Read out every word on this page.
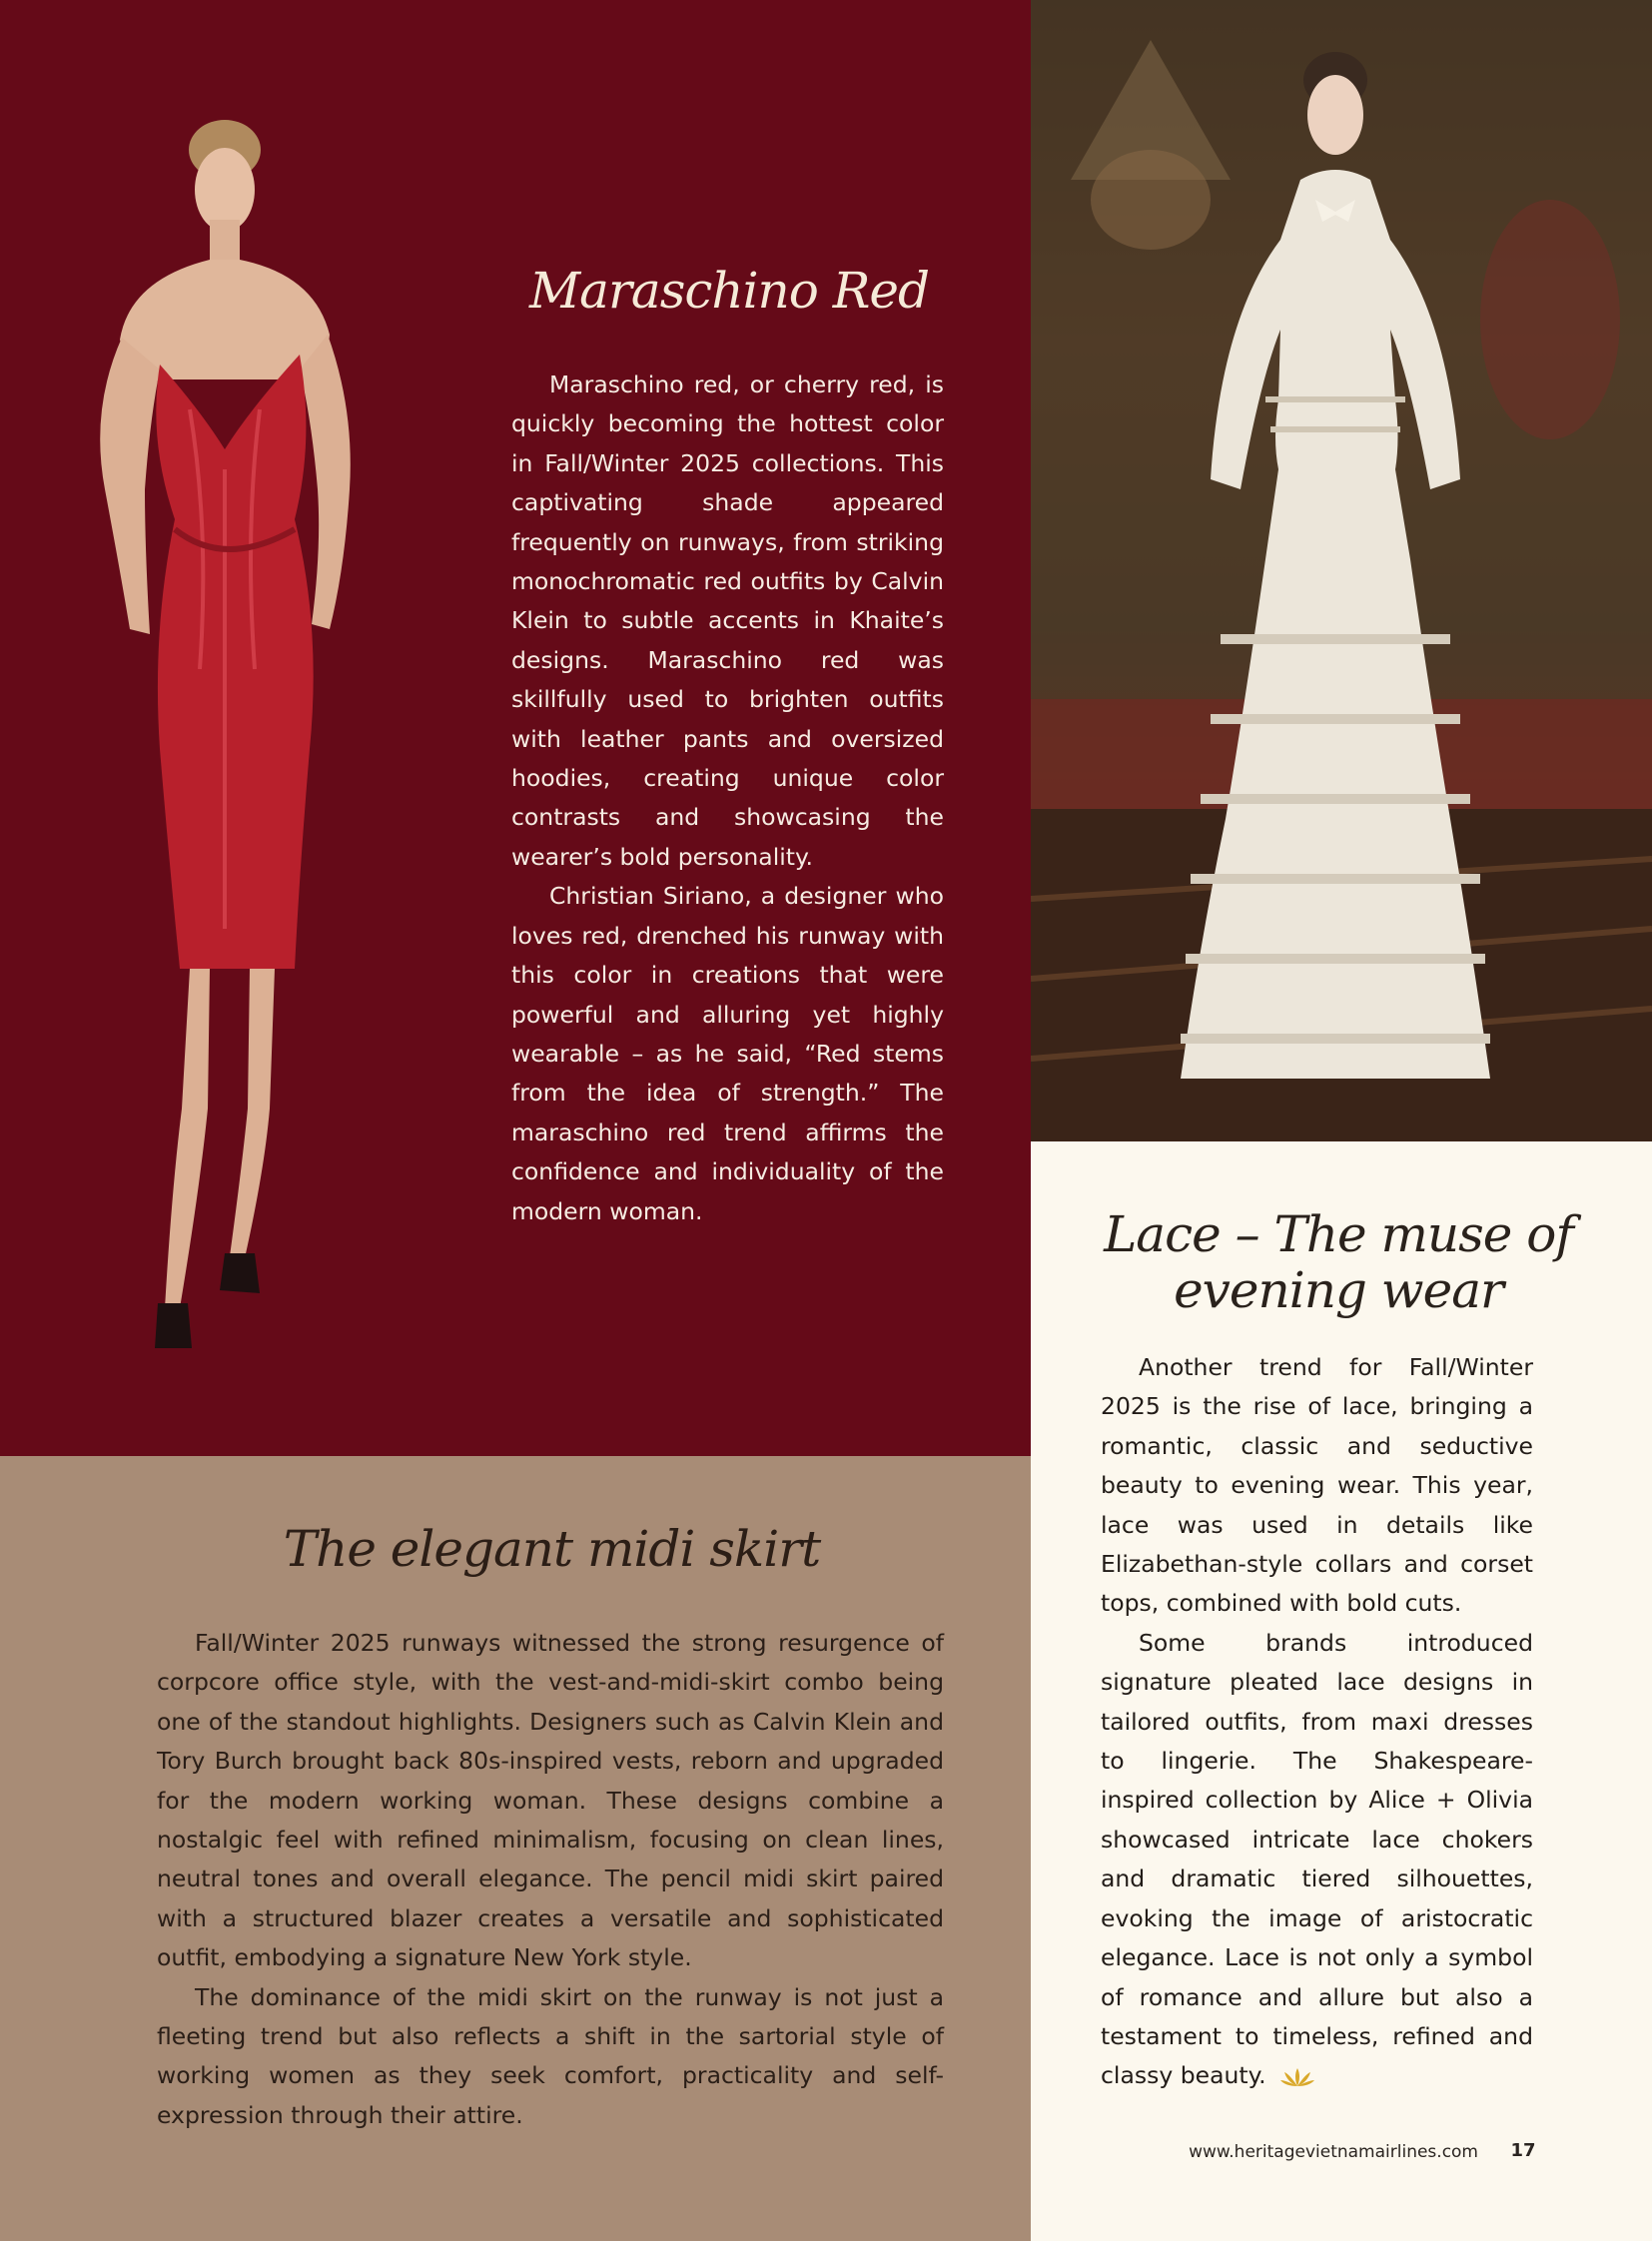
Maraschino Red

Maraschino red, or cherry red, is quickly becoming the hottest color in Fall/Winter 2025 collections. This captivating shade appeared frequently on runways, from striking monochromatic red outfits by Calvin Klein to subtle accents in Khaite’s designs. Maraschino red was skillfully used to brighten outfits with leather pants and oversized hoodies, creating unique color contrasts and showcasing the wearer’s bold personality.

Christian Siriano, a designer who loves red, drenched his runway with this color in creations that were powerful and alluring yet highly wearable – as he said, “Red stems from the idea of strength.” The maraschino red trend affirms the confidence and individuality of the modern woman.

The elegant midi skirt

Fall/Winter 2025 runways witnessed the strong resurgence of corpcore office style, with the vest-and-midi-skirt combo being one of the standout highlights. Designers such as Calvin Klein and Tory Burch brought back 80s-inspired vests, reborn and upgraded for the modern working woman. These designs combine a nostalgic feel with refined minimalism, focusing on clean lines, neutral tones and overall elegance. The pencil midi skirt paired with a structured blazer creates a versatile and sophisticated outfit, embodying a signature New York style.

The dominance of the midi skirt on the runway is not just a fleeting trend but also reflects a shift in the sartorial style of working women as they seek comfort, practicality and self-expression through their attire.

Lace – The muse of
evening wear

Another trend for Fall/Winter 2025 is the rise of lace, bringing a romantic, classic and seductive beauty to evening wear. This year, lace was used in details like Elizabethan-style collars and corset tops, combined with bold cuts.

Some brands introduced signature pleated lace designs in tailored outfits, from maxi dresses to lingerie. The Shakespeare-inspired collection by Alice + Olivia showcased intricate lace chokers and dramatic tiered silhouettes, evoking the image of aristocratic elegance. Lace is not only a symbol of romance and allure but also a testament to timeless, refined and classy beauty.

www.heritagevietnamairlines.com	17
